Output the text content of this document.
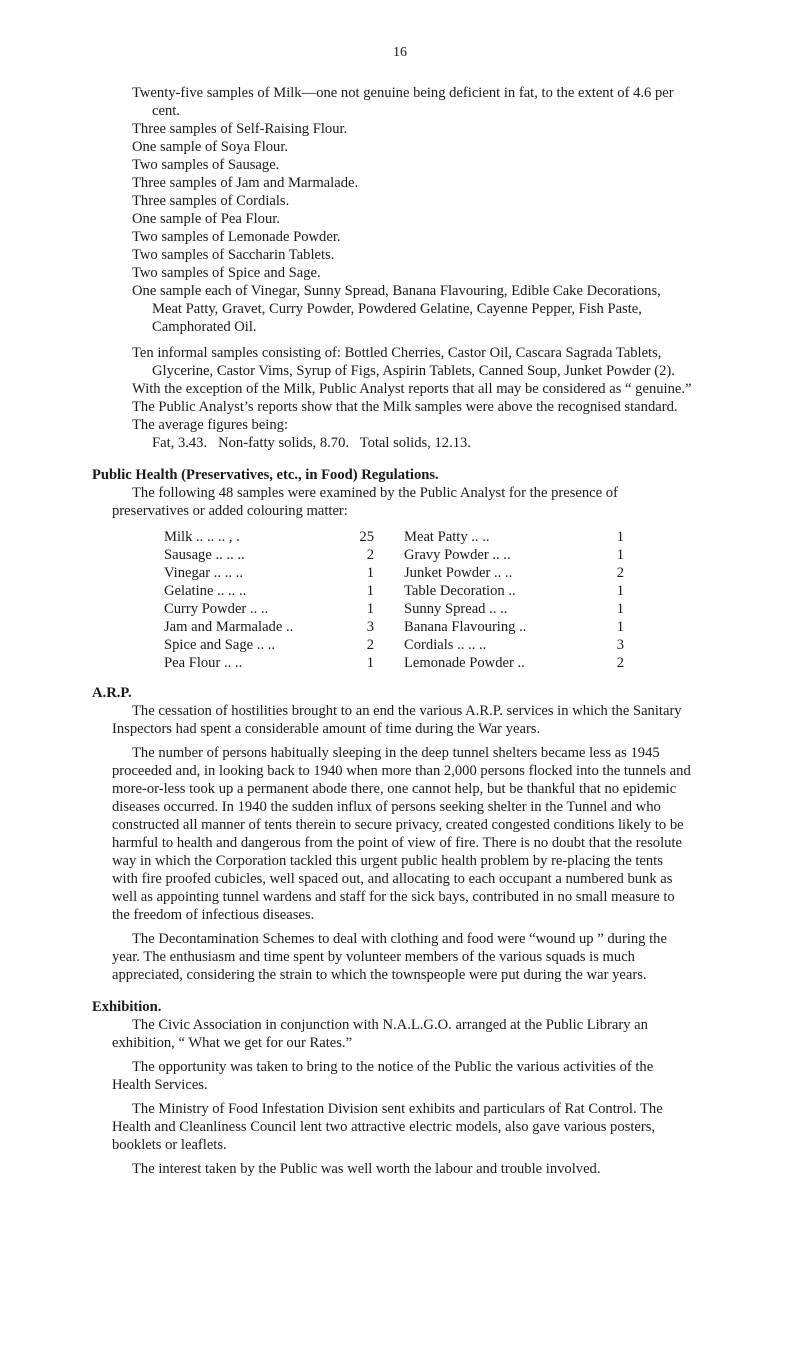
16

Twenty-five samples of Milk—one not genuine being deficient in fat, to the extent of 4.6 per cent.

Three samples of Self-Raising Flour.

One sample of Soya Flour.

Two samples of Sausage.

Three samples of Jam and Marmalade.

Three samples of Cordials.

One sample of Pea Flour.

Two samples of Lemonade Powder.

Two samples of Saccharin Tablets.

Two samples of Spice and Sage.

One sample each of Vinegar, Sunny Spread, Banana Flavouring, Edible Cake Decorations, Meat Patty, Gravet, Curry Powder, Powdered Gelatine, Cayenne Pepper, Fish Paste, Camphorated Oil.

Ten informal samples consisting of: Bottled Cherries, Castor Oil, Cascara Sagrada Tablets, Glycerine, Castor Vims, Syrup of Figs, Aspirin Tablets, Canned Soup, Junket Powder (2).

With the exception of the Milk, Public Analyst reports that all may be considered as “ genuine.”

The Public Analyst’s reports show that the Milk samples were above the recognised standard.

The average figures being:

Fat, 3.43.   Non-fatty solids, 8.70.   Total solids, 12.13.

Public Health (Preservatives, etc., in Food) Regulations.

The following 48 samples were examined by the Public Analyst for the presence of preservatives or added colouring matter:

Milk .. .. .. , .	25 Meat Patty .. ..	1
Sausage .. .. ..	2 Gravy Powder .. ..	1
Vinegar .. .. ..	1 Junket Powder .. ..	2
Gelatine .. .. ..	1 Table Decoration ..	1
Curry Powder .. ..	1 Sunny Spread .. ..	1
Jam and Marmalade ..	3 Banana Flavouring ..	1
Spice and Sage .. ..	2 Cordials .. .. ..	3
Pea Flour .. ..	1 Lemonade Powder ..	2

A.R.P.

The cessation of hostilities brought to an end the various A.R.P. services in which the Sanitary Inspectors had spent a considerable amount of time during the War years.

The number of persons habitually sleeping in the deep tunnel shelters became less as 1945 proceeded and, in looking back to 1940 when more than 2,000 persons flocked into the tunnels and more-or-less took up a permanent abode there, one cannot help, but be thankful that no epidemic diseases occurred. In 1940 the sudden influx of persons seeking shelter in the Tunnel and who constructed all manner of tents therein to secure privacy, created congested conditions likely to be harmful to health and dangerous from the point of view of fire. There is no doubt that the resolute way in which the Corporation tackled this urgent public health problem by re-placing the tents with fire proofed cubicles, well spaced out, and allocating to each occupant a numbered bunk as well as appointing tunnel wardens and staff for the sick bays, contributed in no small measure to the freedom of infectious diseases.

The Decontamination Schemes to deal with clothing and food were “wound up ” during the year. The enthusiasm and time spent by volunteer members of the various squads is much appreciated, considering the strain to which the townspeople were put during the war years.

Exhibition.

The Civic Association in conjunction with N.A.L.G.O. arranged at the Public Library an exhibition, “ What we get for our Rates.”

The opportunity was taken to bring to the notice of the Public the various activities of the Health Services.

The Ministry of Food Infestation Division sent exhibits and particulars of Rat Control. The Health and Cleanliness Council lent two attractive electric models, also gave various posters, booklets or leaflets.

The interest taken by the Public was well worth the labour and trouble involved.
